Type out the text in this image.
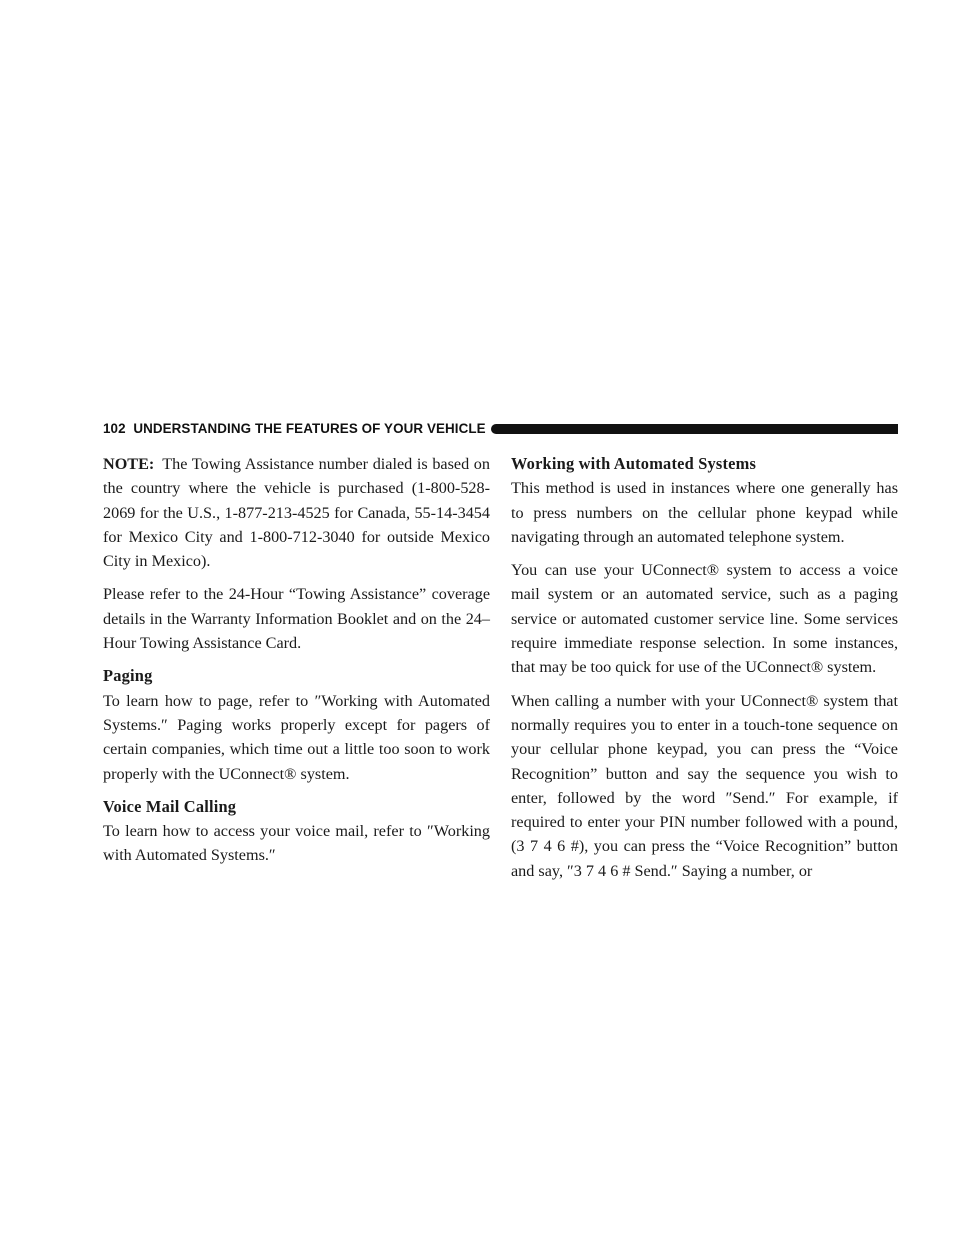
102 UNDERSTANDING THE FEATURES OF YOUR VEHICLE

NOTE: The Towing Assistance number dialed is based on the country where the vehicle is purchased (1-800-528-2069 for the U.S., 1-877-213-4525 for Canada, 55-14-3454 for Mexico City and 1-800-712-3040 for outside Mexico City in Mexico).

Please refer to the 24-Hour “Towing Assistance” coverage details in the Warranty Information Booklet and on the 24–Hour Towing Assistance Card.

Paging

To learn how to page, refer to ″Working with Automated Systems.″ Paging works properly except for pagers of certain companies, which time out a little too soon to work properly with the UConnect® system.

Voice Mail Calling

To learn how to access your voice mail, refer to ″Working with Automated Systems.″

Working with Automated Systems

This method is used in instances where one generally has to press numbers on the cellular phone keypad while navigating through an automated telephone system.

You can use your UConnect® system to access a voice mail system or an automated service, such as a paging service or automated customer service line. Some services require immediate response selection. In some instances, that may be too quick for use of the UConnect® system.

When calling a number with your UConnect® system that normally requires you to enter in a touch-tone sequence on your cellular phone keypad, you can press the “Voice Recognition” button and say the sequence you wish to enter, followed by the word ″Send.″ For example, if required to enter your PIN number followed with a pound, (3 7 4 6 #), you can press the “Voice Recognition” button and say, ″3 7 4 6 # Send.″ Saying a number, or
